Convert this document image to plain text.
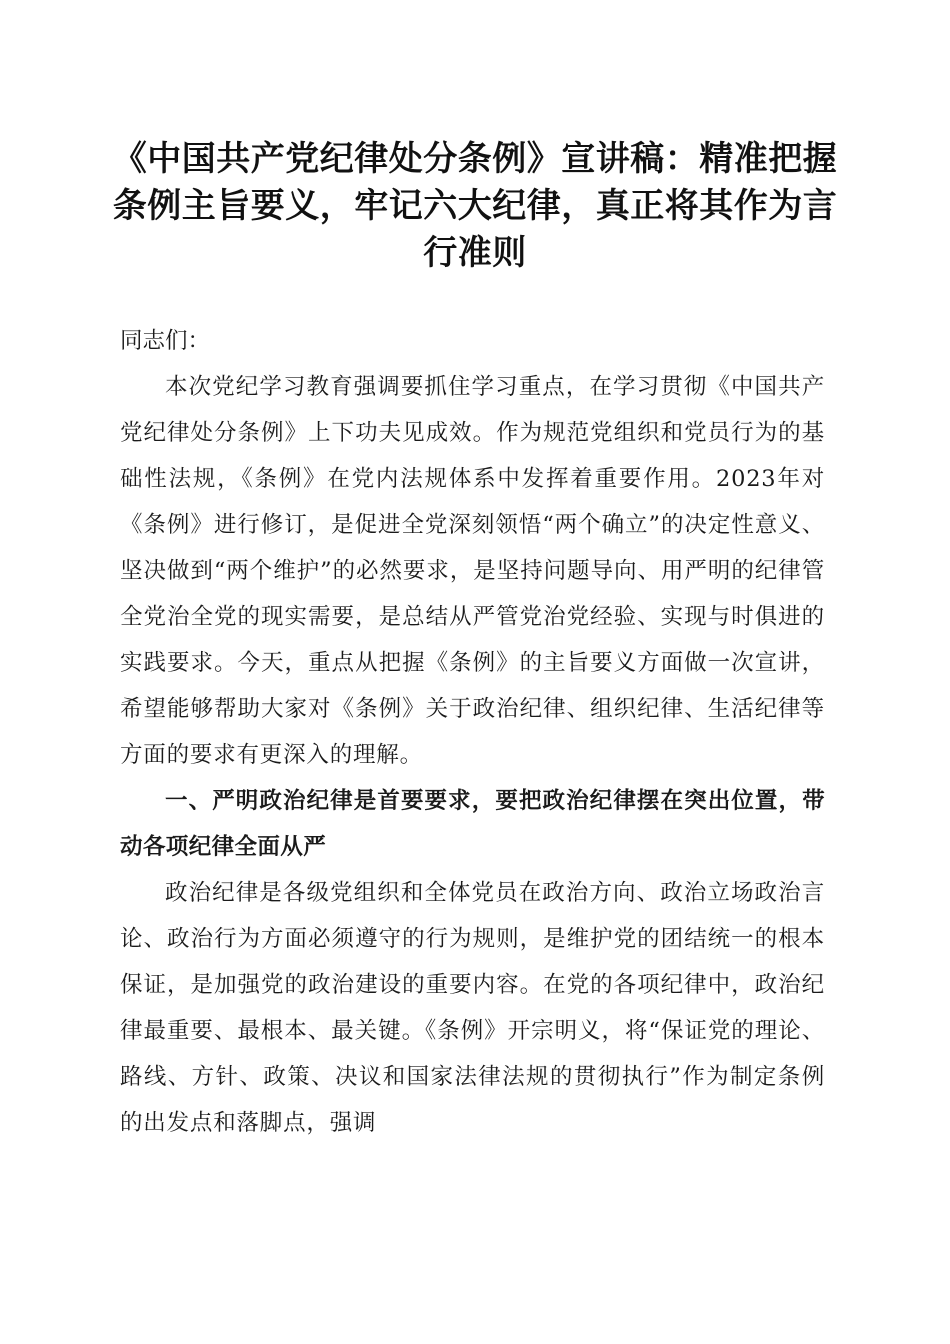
《中国共产党纪律处分条例》宣讲稿：精准把握条例主旨要义，牢记六大纪律，真正将其作为言行准则

同志们：

本次党纪学习教育强调要抓住学习重点，在学习贯彻《中国共产党纪律处分条例》上下功夫见成效。作为规范党组织和党员行为的基础性法规，《条例》在党内法规体系中发挥着重要作用。2023年对《条例》进行修订，是促进全党深刻领悟“两个确立”的决定性意义、坚决做到“两个维护”的必然要求，是坚持问题导向、用严明的纪律管全党治全党的现实需要，是总结从严管党治党经验、实现与时俱进的实践要求。今天，重点从把握《条例》的主旨要义方面做一次宣讲，希望能够帮助大家对《条例》关于政治纪律、组织纪律、生活纪律等方面的要求有更深入的理解。

一、严明政治纪律是首要要求，要把政治纪律摆在突出位置，带动各项纪律全面从严

政治纪律是各级党组织和全体党员在政治方向、政治立场政治言论、政治行为方面必须遵守的行为规则，是维护党的团结统一的根本保证，是加强党的政治建设的重要内容。在党的各项纪律中，政治纪律最重要、最根本、最关键。《条例》开宗明义，将“保证党的理论、路线、方针、政策、决议和国家法律法规的贯彻执行”作为制定条例的出发点和落脚点，强调
